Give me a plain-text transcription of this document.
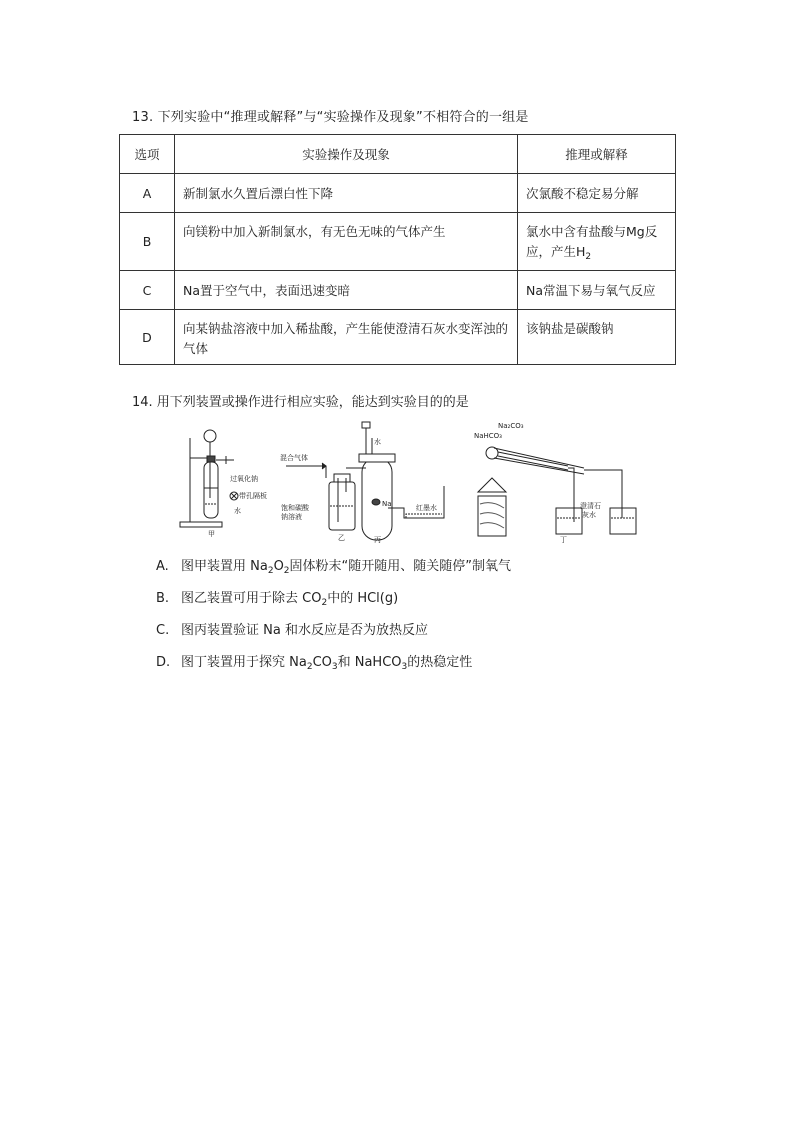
13. 下列实验中“推理或解释”与“实验操作及现象”不相符合的一组是
选项	实验操作及现象	推理或解释
A	新制氯水久置后漂白性下降	次氯酸不稳定易分解
B	向镁粉中加入新制氯水，有无色无味的气体产生	氯水中含有盐酸与Mg反
应，产生$H_2$

C	Na置于空气中，表面迅速变暗	Na常温下易与氧气反应
D	向某钠盐溶液中加入稀盐酸，产生能使澄清石灰水变浑浊的气体	该钠盐是碳酸钠
14. 用下列装置或操作进行相应实验，能达到实验目的的是
过氧化钠
带孔隔板
水
甲
混合气体
饱和碳酸
钠溶液
乙
水
Na	红墨水
丙
NaHCO₃
Na₂CO₃
澄清石
灰水
丁
A. 图甲装置用 $Na_2O_2$固体粉末“随开随用、随关随停”制氧气
B. 图乙装置可用于除去 $CO_2$中的 HCl(g)
C. 图丙装置验证 Na 和水反应是否为放热反应
D. 图丁装置用于探究 $Na_2CO_3$和 NaHCO$_3$的热稳定性
